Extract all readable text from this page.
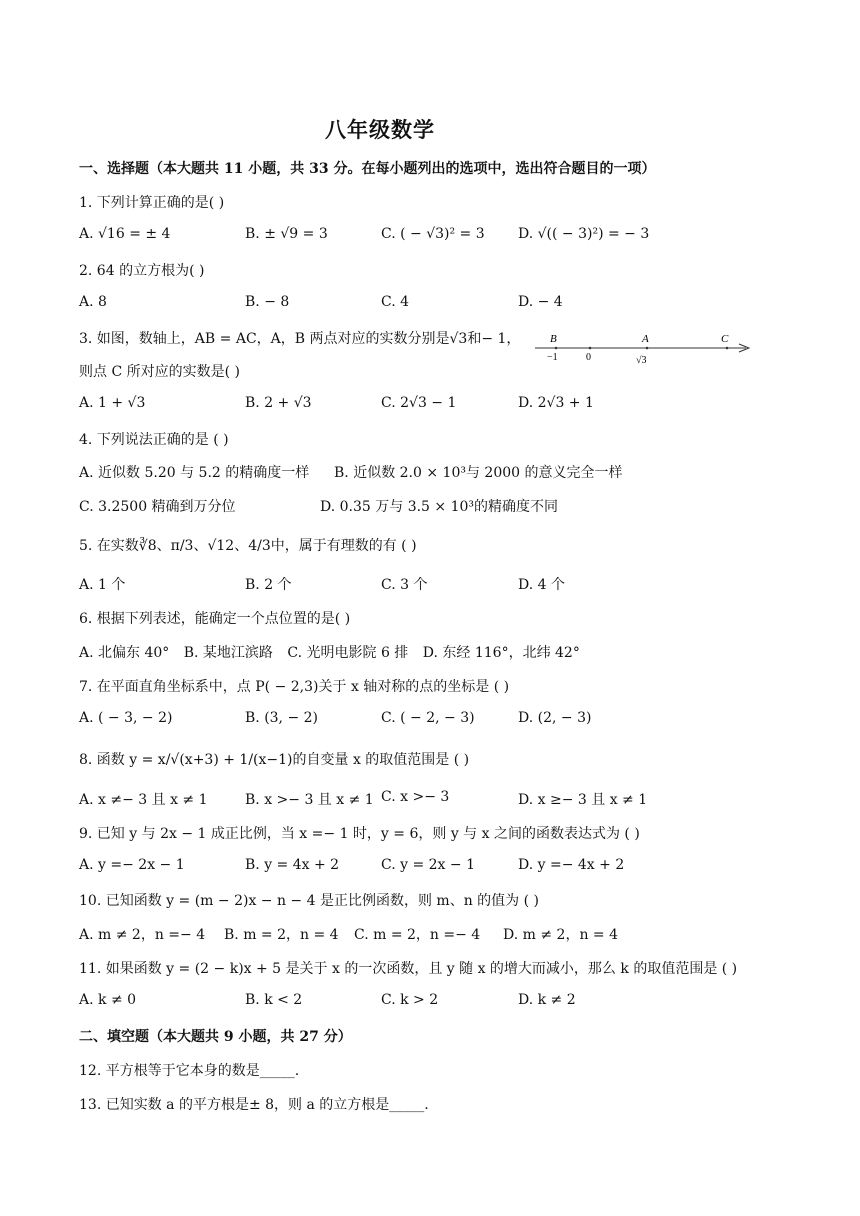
八年级数学
一、选择题（本大题共 11 小题，共 33 分。在每小题列出的选项中，选出符合题目的一项）
1. 下列计算正确的是( )
A. √16 = ± 4	B. ± √9 = 3	C. ( − √3)² = 3 D. √(( − 3)²) = − 3
2. 64 的立方根为( )
A. 8	B. − 8	C. 4	D. − 4
3. 如图，数轴上，AB = AC，A，B 两点对应的实数分别是√3和− 1，
则点 C 所对应的实数是( )
B	A	C
−1	0	√3
A. 1 + √3	B. 2 + √3	C. 2√3 − 1	D. 2√3 + 1
4. 下列说法正确的是 ( )
A. 近似数 5.20 与 5.2 的精确度一样 B. 近似数 2.0 × 10³与 2000 的意义完全一样
C. 3.2500 精确到万分位	D. 0.35 万与 3.5 × 10³的精确度不同
5. 在实数∛8、π/3、√12、4/3中，属于有理数的有 ( )
A. 1 个	B. 2 个	C. 3 个	D. 4 个
6. 根据下列表述，能确定一个点位置的是( )
A. 北偏东 40° B. 某地江滨路 C. 光明电影院 6 排 D. 东经 116°，北纬 42°
7. 在平面直角坐标系中，点 P( − 2,3)关于 x 轴对称的点的坐标是 ( )
A. ( − 3, − 2)	B. (3, − 2)	C. ( − 2, − 3)	D. (2, − 3)
8. 函数 y = x/√(x+3) + 1/(x−1)的自变量 x 的取值范围是 ( )
A. x ≠− 3 且 x ≠ 1	B. x >− 3 且 x ≠ 1 C. x >− 3	D. x ≥− 3 且 x ≠ 1
9. 已知 y 与 2x − 1 成正比例，当 x =− 1 时，y = 6，则 y 与 x 之间的函数表达式为 ( )
A. y =− 2x − 1	B. y = 4x + 2	C. y = 2x − 1	D. y =− 4x + 2
10. 已知函数 y = (m − 2)x − n − 4 是正比例函数，则 m、n 的值为 ( )
A. m ≠ 2，n =− 4 B. m = 2，n = 4 C. m = 2，n =− 4 D. m ≠ 2，n = 4
11. 如果函数 y = (2 − k)x + 5 是关于 x 的一次函数，且 y 随 x 的增大而减小，那么 k 的取值范围是 ( )
A. k ≠ 0	B. k < 2	C. k > 2	D. k ≠ 2
二、填空题（本大题共 9 小题，共 27 分）
12. 平方根等于它本身的数是_____.
13. 已知实数 a 的平方根是± 8，则 a 的立方根是_____.
